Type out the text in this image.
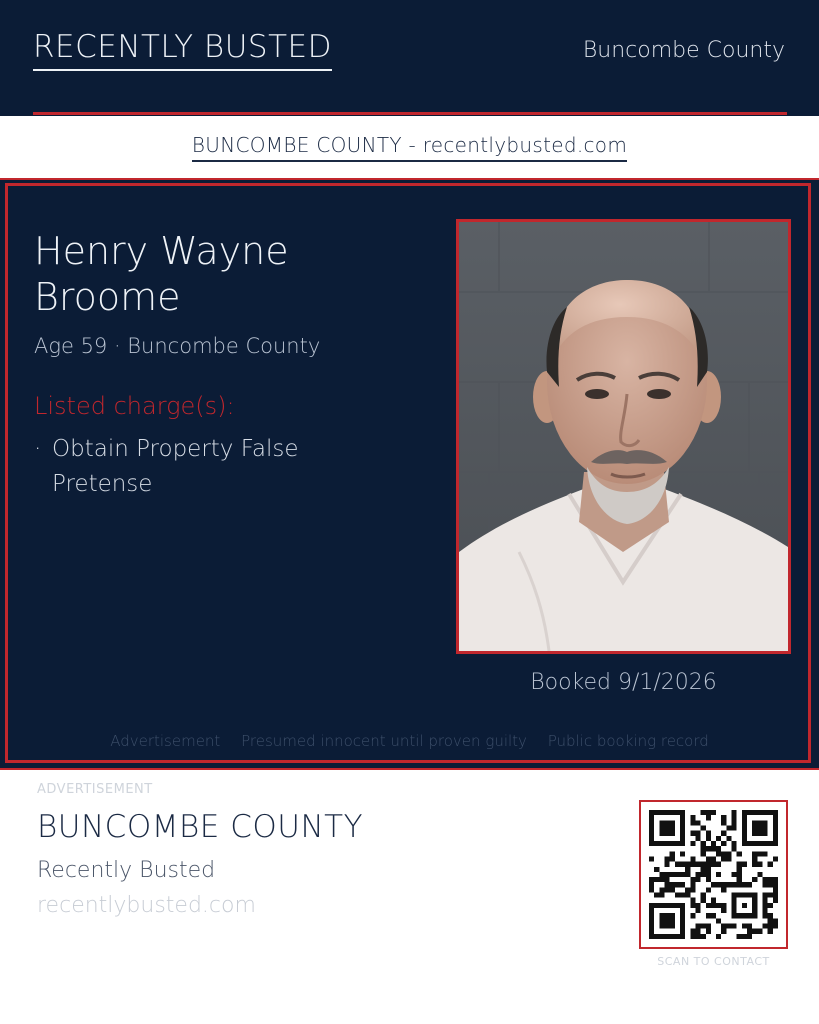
RECENTLY BUSTED	Buncombe County
BUNCOMBE COUNTY - recentlybusted.com
Henry Wayne
Broome
Age 59 · Buncombe County
Listed charge(s):
· Obtain Property False Pretense
Booked 9/1/2026
Advertisement Presumed innocent until proven guilty Public booking record
ADVERTISEMENT
BUNCOMBE COUNTY
Recently Busted
recentlybusted.com
SCAN TO CONTACT
